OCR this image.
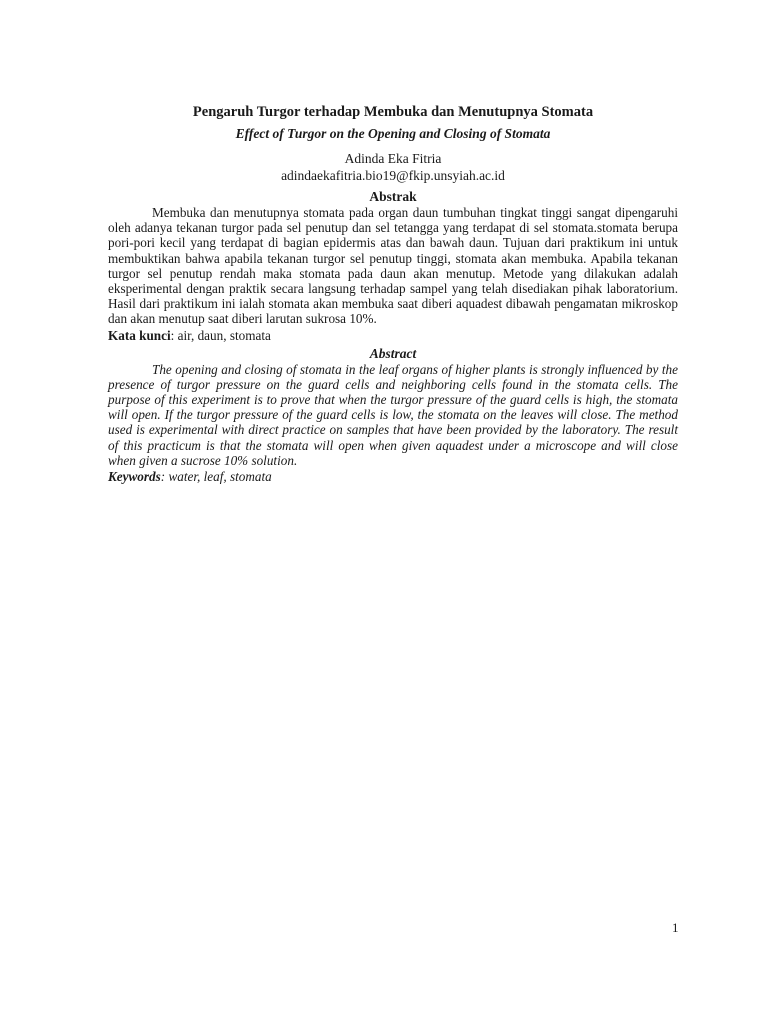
Pengaruh Turgor terhadap Membuka dan Menutupnya Stomata

Effect of Turgor on the Opening and Closing of Stomata

Adinda Eka Fitria

adindaekafitria.bio19@fkip.unsyiah.ac.id

Abstrak

Membuka dan menutupnya stomata pada organ daun tumbuhan tingkat tinggi sangat dipengaruhi oleh adanya tekanan turgor pada sel penutup dan sel tetangga yang terdapat di sel stomata.stomata berupa pori-pori kecil yang terdapat di bagian epidermis atas dan bawah daun. Tujuan dari praktikum ini untuk membuktikan bahwa apabila tekanan turgor sel penutup tinggi, stomata akan membuka. Apabila tekanan turgor sel penutup rendah maka stomata pada daun akan menutup. Metode yang dilakukan adalah eksperimental dengan praktik secara langsung terhadap sampel yang telah disediakan pihak laboratorium. Hasil dari praktikum ini ialah stomata akan membuka saat diberi aquadest dibawah pengamatan mikroskop dan akan menutup saat diberi larutan sukrosa 10%.

Kata kunci: air, daun, stomata

Abstract

The opening and closing of stomata in the leaf organs of higher plants is strongly influenced by the presence of turgor pressure on the guard cells and neighboring cells found in the stomata cells. The purpose of this experiment is to prove that when the turgor pressure of the guard cells is high, the stomata will open. If the turgor pressure of the guard cells is low, the stomata on the leaves will close. The method used is experimental with direct practice on samples that have been provided by the laboratory. The result of this practicum is that the stomata will open when given aquadest under a microscope and will close when given a sucrose 10% solution.

Keywords: water, leaf, stomata

1
